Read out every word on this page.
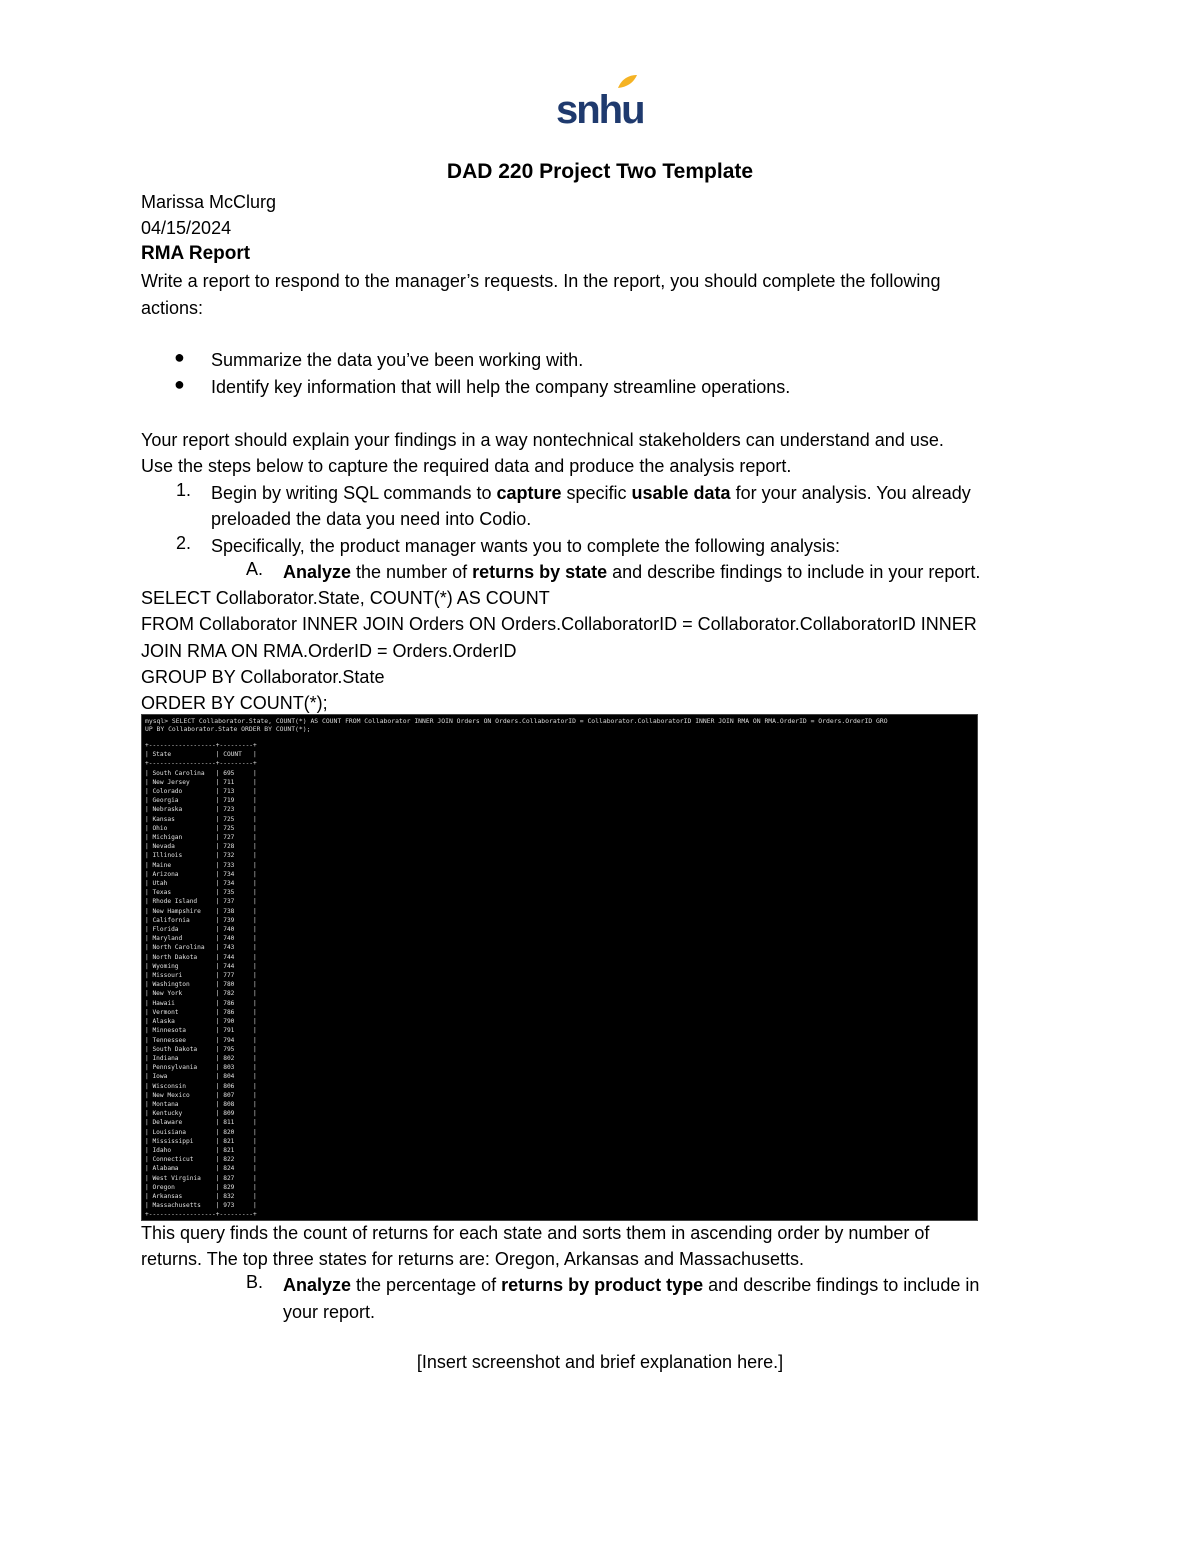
snhu
DAD 220 Project Two Template
Marissa McClurg
04/15/2024
RMA Report
Write a report to respond to the manager’s requests. In the report, you should complete the following
actions:
● Summarize the data you’ve been working with.
● Identify key information that will help the company streamline operations.
Your report should explain your findings in a way nontechnical stakeholders can understand and use.
Use the steps below to capture the required data and produce the analysis report.
1. Begin by writing SQL commands to capture specific usable data for your analysis. You already
preloaded the data you need into Codio.
2. Specifically, the product manager wants you to complete the following analysis:
A. Analyze the number of returns by state and describe findings to include in your report.
SELECT Collaborator.State, COUNT(*) AS COUNT
FROM Collaborator INNER JOIN Orders ON Orders.CollaboratorID = Collaborator.CollaboratorID INNER
JOIN RMA ON RMA.OrderID = Orders.OrderID
GROUP BY Collaborator.State
ORDER BY COUNT(*);
mysql> SELECT Collaborator.State, COUNT(*) AS COUNT FROM Collaborator INNER JOIN Orders ON Orders.CollaboratorID = Collaborator.CollaboratorID INNER JOIN RMA ON RMA.OrderID = Orders.OrderID GRO
UP BY Collaborator.State ORDER BY COUNT(*);
+------------------+---------+
| State            | COUNT   |
+------------------+---------+
| South Carolina   | 695     |
| New Jersey       | 711     |
| Colorado         | 713     |
| Georgia          | 719     |
| Nebraska         | 723     |
| Kansas           | 725     |
| Ohio             | 725     |
| Michigan         | 727     |
| Nevada           | 728     |
| Illinois         | 732     |
| Maine            | 733     |
| Arizona          | 734     |
| Utah             | 734     |
| Texas            | 735     |
| Rhode Island     | 737     |
| New Hampshire    | 738     |
| California       | 739     |
| Florida          | 740     |
| Maryland         | 740     |
| North Carolina   | 743     |
| North Dakota     | 744     |
| Wyoming          | 744     |
| Missouri         | 777     |
| Washington       | 780     |
| New York         | 782     |
| Hawaii           | 786     |
| Vermont          | 786     |
| Alaska           | 790     |
| Minnesota        | 791     |
| Tennessee        | 794     |
| South Dakota     | 795     |
| Indiana          | 802     |
| Pennsylvania     | 803     |
| Iowa             | 804     |
| Wisconsin        | 806     |
| New Mexico       | 807     |
| Montana          | 808     |
| Kentucky         | 809     |
| Delaware         | 811     |
| Louisiana        | 820     |
| Mississippi      | 821     |
| Idaho            | 821     |
| Connecticut      | 822     |
| Alabama          | 824     |
| West Virginia    | 827     |
| Oregon           | 829     |
| Arkansas         | 832     |
| Massachusetts    | 973     |
+------------------+---------+
This query finds the count of returns for each state and sorts them in ascending order by number of
returns. The top three states for returns are: Oregon, Arkansas and Massachusetts.
B. Analyze the percentage of returns by product type and describe findings to include in
your report.
[Insert screenshot and brief explanation here.]
